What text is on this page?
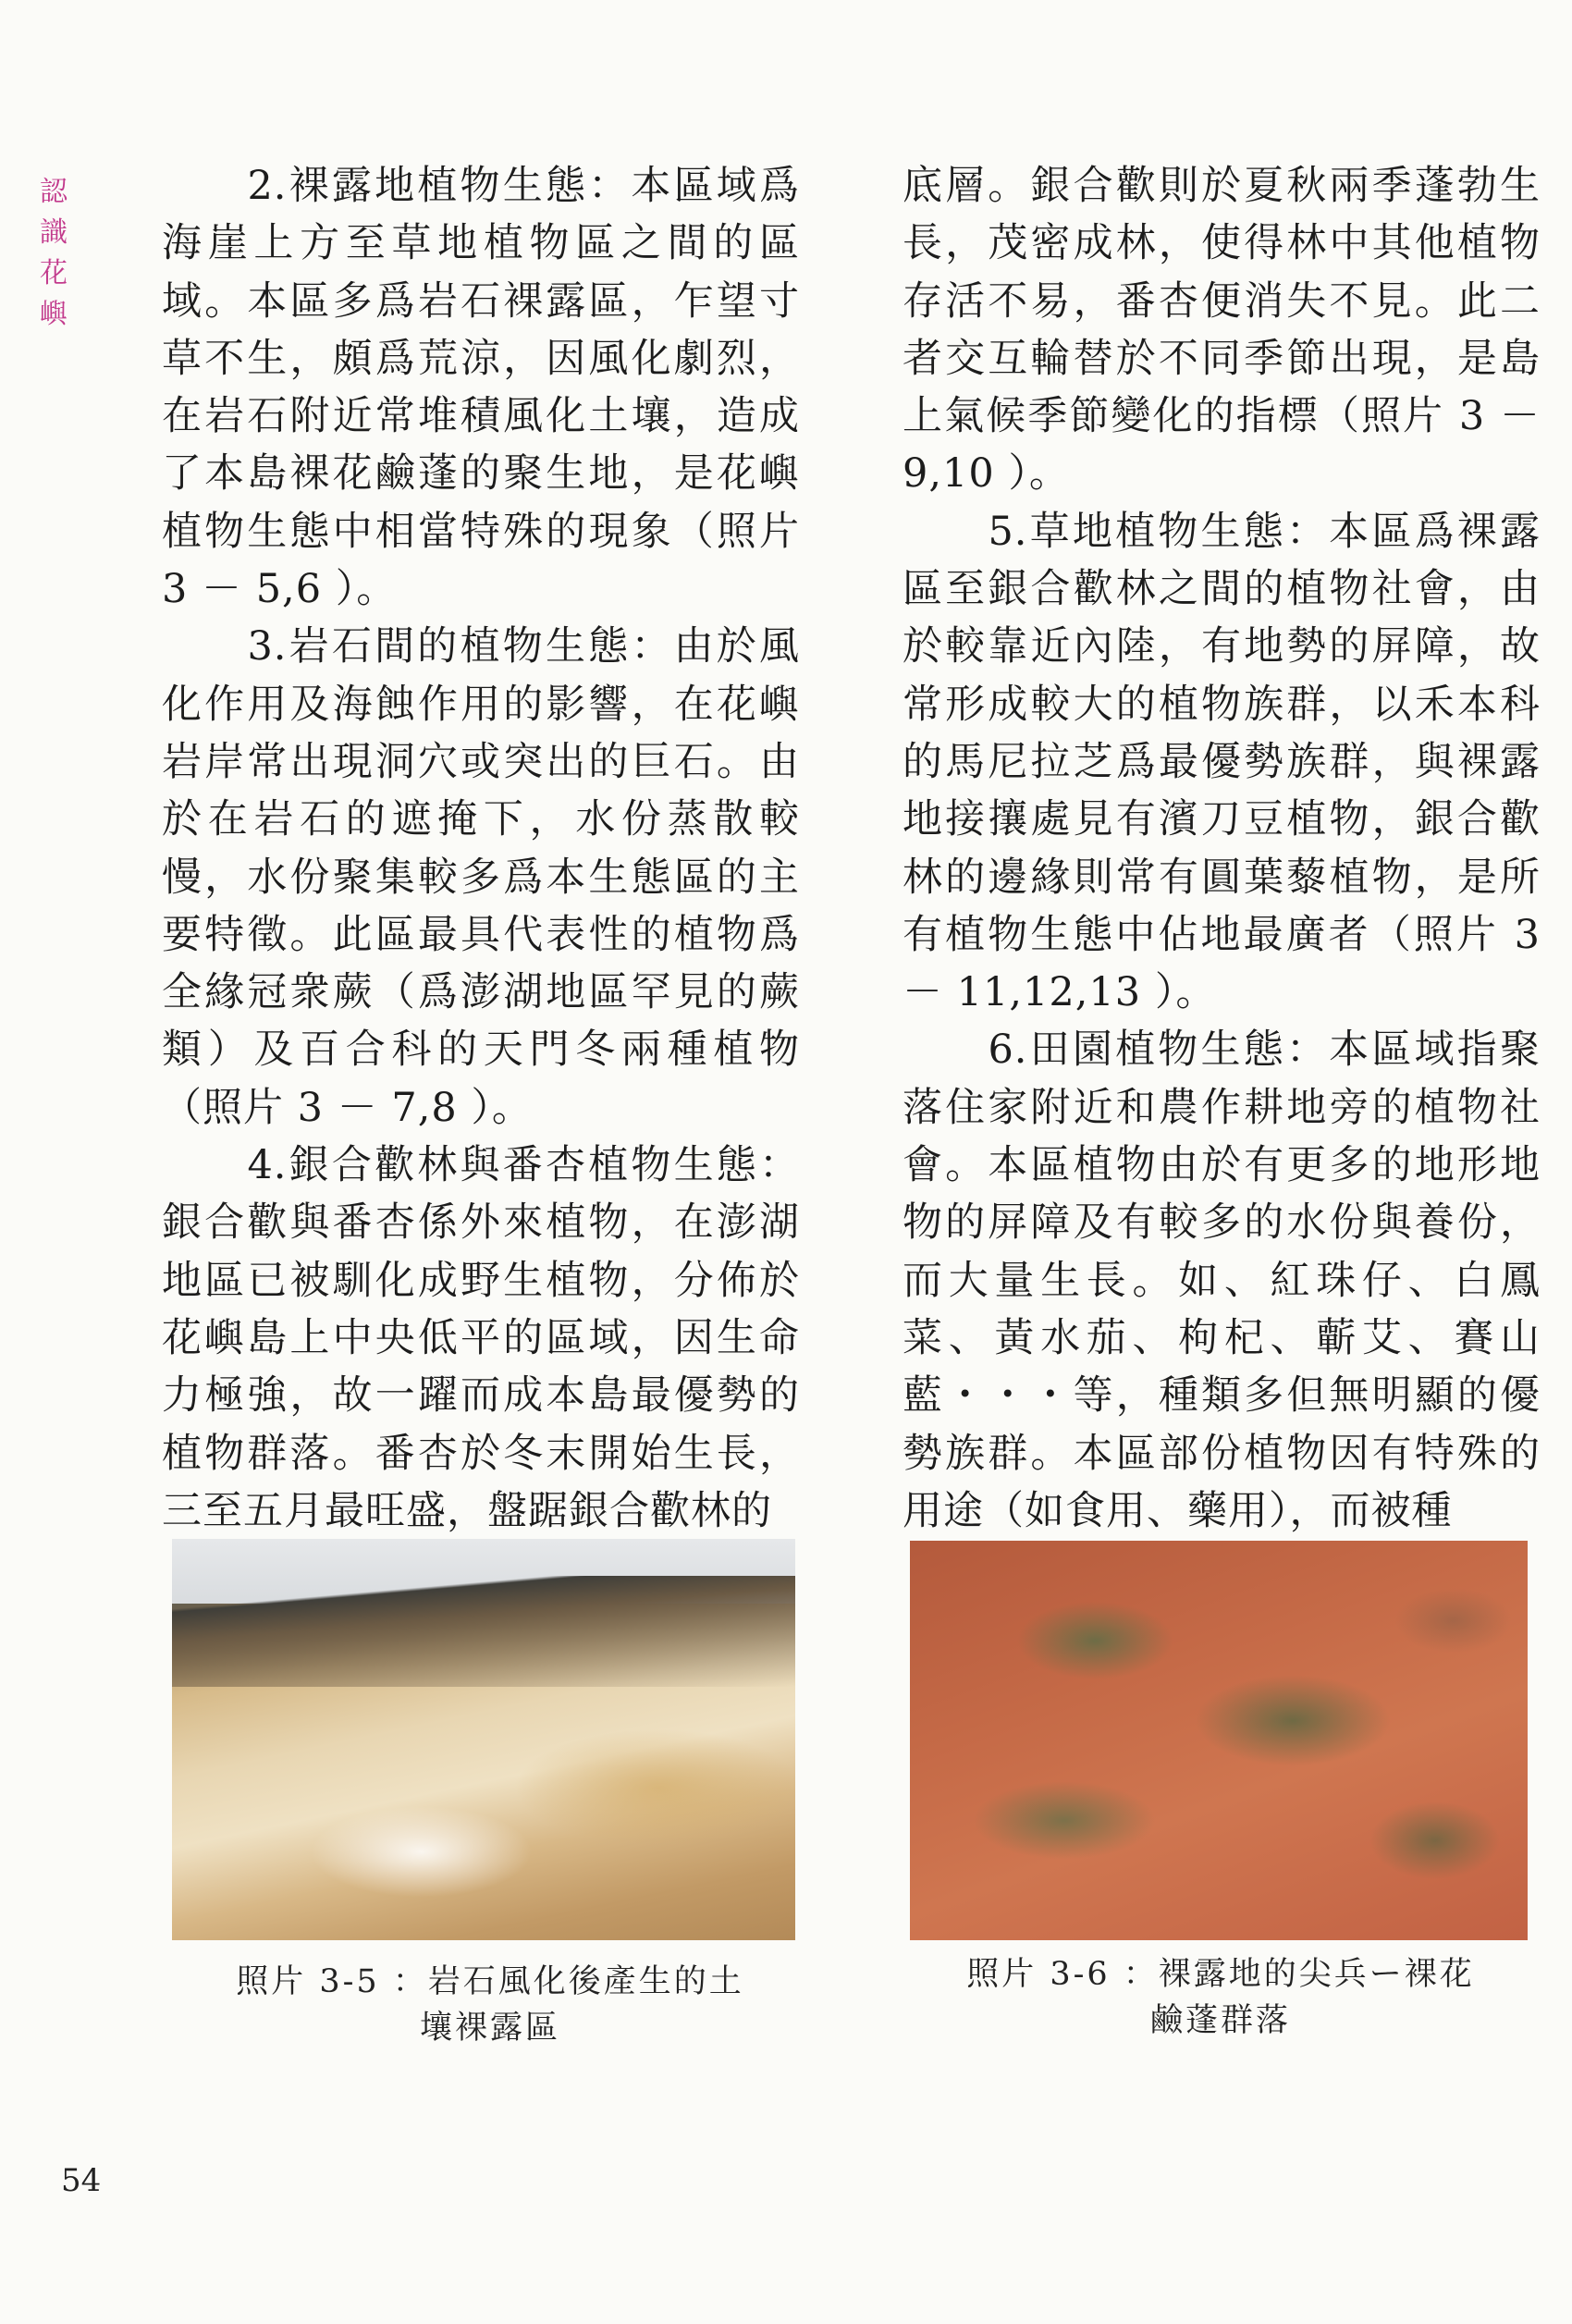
認
識
花
嶼

2.裸露地植物生態：本區域爲海崖上方至草地植物區之間的區域。本區多爲岩石裸露區，乍望寸草不生，頗爲荒涼，因風化劇烈，在岩石附近常堆積風化土壤，造成了本島裸花鹼蓬的聚生地，是花嶼植物生態中相當特殊的現象（照片 3 － 5,6 ）。

3.岩石間的植物生態：由於風化作用及海蝕作用的影響，在花嶼岩岸常出現洞穴或突出的巨石。由於在岩石的遮掩下，水份蒸散較慢，水份聚集較多爲本生態區的主要特徵。此區最具代表性的植物爲全緣冠衆蕨（爲澎湖地區罕見的蕨類）及百合科的天門冬兩種植物（照片 3 － 7,8 ）。

4.銀合歡林與番杏植物生態：銀合歡與番杏係外來植物，在澎湖地區已被馴化成野生植物，分佈於花嶼島上中央低平的區域，因生命力極強，故一躍而成本島最優勢的植物群落。番杏於冬末開始生長，三至五月最旺盛，盤踞銀合歡林的

底層。銀合歡則於夏秋兩季蓬勃生長，茂密成林，使得林中其他植物存活不易，番杏便消失不見。此二者交互輪替於不同季節出現，是島上氣候季節變化的指標（照片 3 － 9,10 ）。

5.草地植物生態：本區爲裸露區至銀合歡林之間的植物社會，由於較靠近內陸，有地勢的屏障，故常形成較大的植物族群，以禾本科的馬尼拉芝爲最優勢族群，與裸露地接攘處見有濱刀豆植物，銀合歡林的邊緣則常有圓葉藜植物，是所有植物生態中佔地最廣者（照片 3 － 11,12,13 ）。

6.田園植物生態：本區域指聚落住家附近和農作耕地旁的植物社會。本區植物由於有更多的地形地物的屏障及有較多的水份與養份，而大量生長。如、紅珠仔、白鳳菜、黃水茄、枸杞、蘄艾、賽山藍・・・等，種類多但無明顯的優勢族群。本區部份植物因有特殊的用途（如食用、藥用），而被種

照片 3-5 ：岩石風化後產生的土
壤裸露區
照片 3-6 ：裸露地的尖兵ー裸花
鹼蓬群落
54
